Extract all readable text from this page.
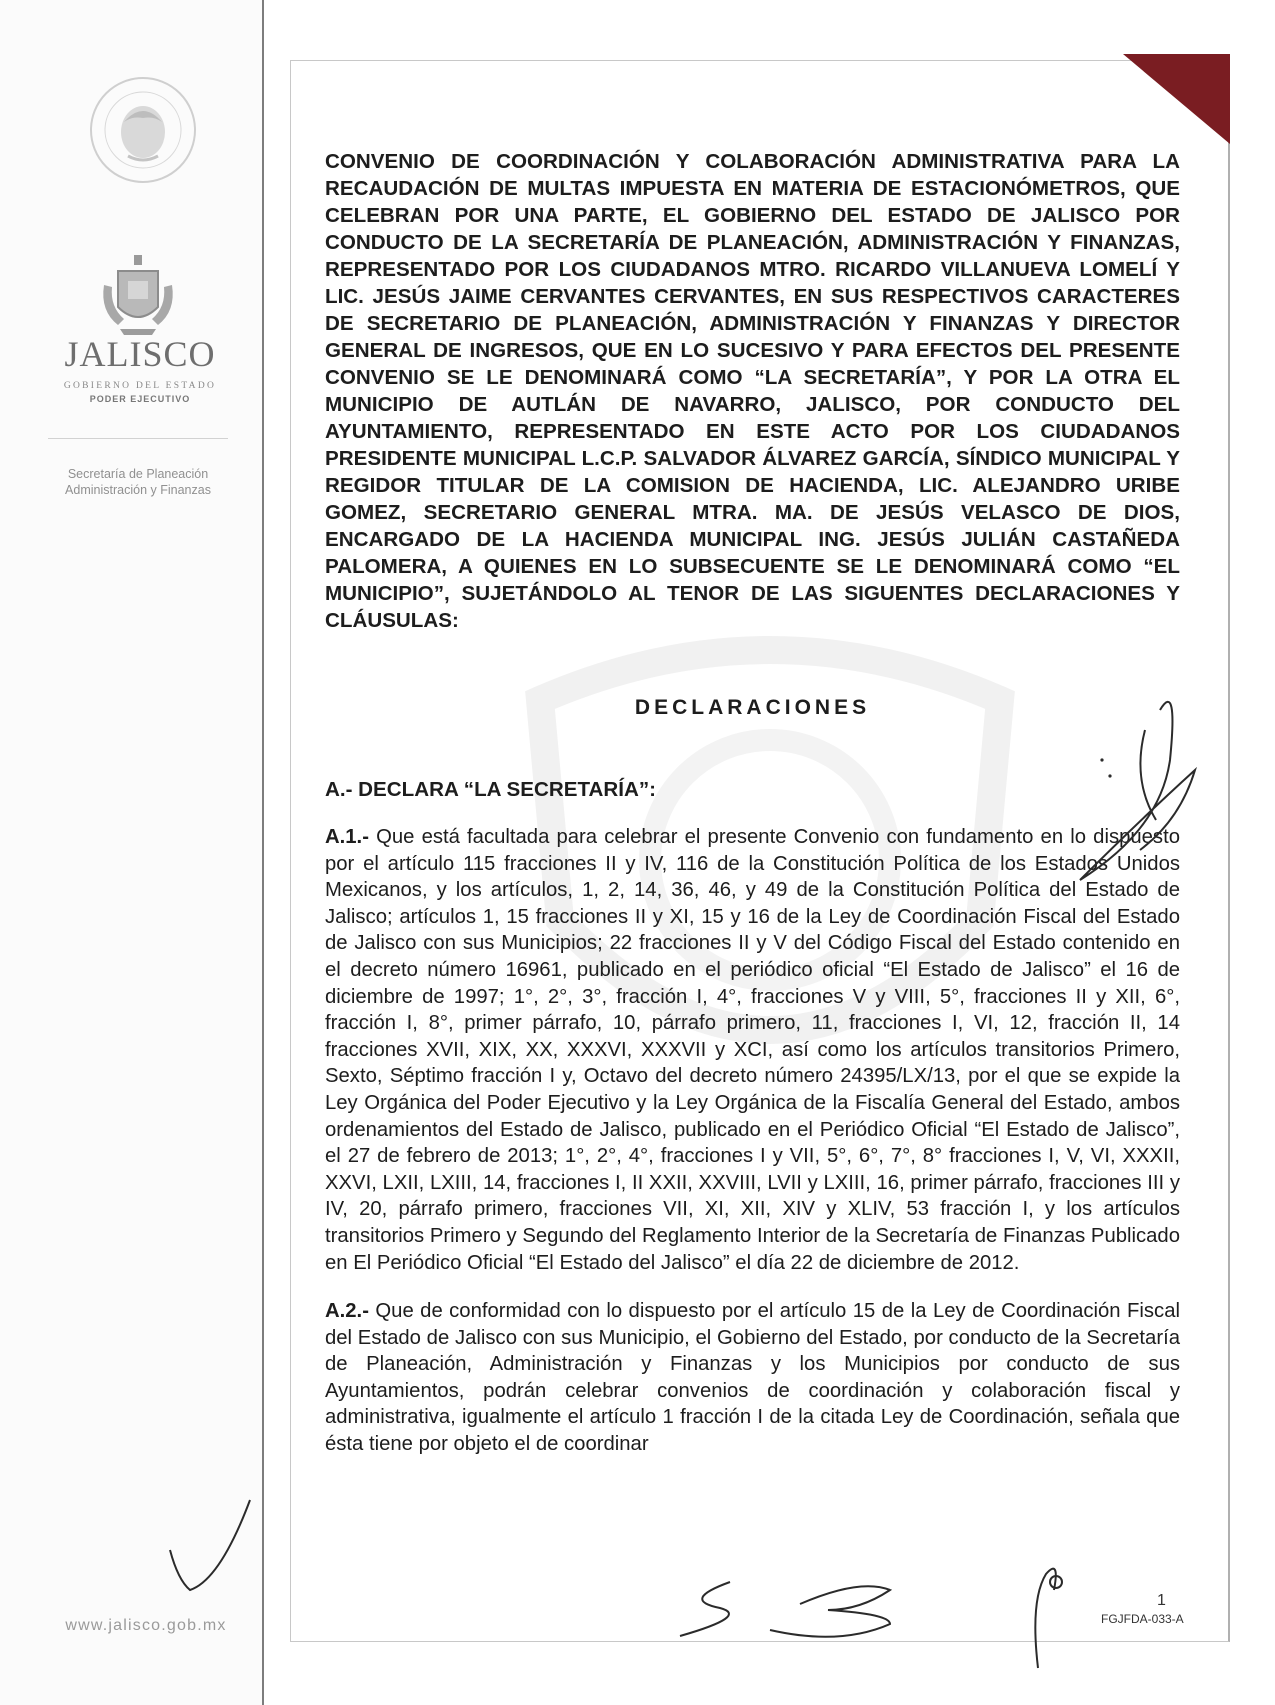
JALISCO
GOBIERNO DEL ESTADO
PODER EJECUTIVO
Secretaría de Planeación
Administración y Finanzas
www.jalisco.gob.mx

CONVENIO DE COORDINACIÓN Y COLABORACIÓN ADMINISTRATIVA PARA LA RECAUDACIÓN DE MULTAS IMPUESTA EN MATERIA DE ESTACIONÓMETROS, QUE CELEBRAN POR UNA PARTE, EL GOBIERNO DEL ESTADO DE JALISCO POR CONDUCTO DE LA SECRETARÍA DE PLANEACIÓN, ADMINISTRACIÓN Y FINANZAS, REPRESENTADO POR LOS CIUDADANOS MTRO. RICARDO VILLANUEVA LOMELÍ Y LIC. JESÚS JAIME CERVANTES CERVANTES, EN SUS RESPECTIVOS CARACTERES DE SECRETARIO DE PLANEACIÓN, ADMINISTRACIÓN Y FINANZAS Y DIRECTOR GENERAL DE INGRESOS, QUE EN LO SUCESIVO Y PARA EFECTOS DEL PRESENTE CONVENIO SE LE DENOMINARÁ COMO “LA SECRETARÍA”, Y POR LA OTRA EL MUNICIPIO DE AUTLÁN DE NAVARRO, JALISCO, POR CONDUCTO DEL AYUNTAMIENTO, REPRESENTADO EN ESTE ACTO POR LOS CIUDADANOS PRESIDENTE MUNICIPAL L.C.P. SALVADOR ÁLVAREZ GARCÍA, SÍNDICO MUNICIPAL Y REGIDOR TITULAR DE LA COMISION DE HACIENDA, LIC. ALEJANDRO URIBE GOMEZ, SECRETARIO GENERAL MTRA. MA. DE JESÚS VELASCO DE DIOS, ENCARGADO DE LA HACIENDA MUNICIPAL ING. JESÚS JULIÁN CASTAÑEDA PALOMERA, A QUIENES EN LO SUBSECUENTE SE LE DENOMINARÁ COMO “EL MUNICIPIO”, SUJETÁNDOLO AL TENOR DE LAS SIGUENTES DECLARACIONES Y CLÁUSULAS:

DECLARACIONES
A.- DECLARA “LA SECRETARÍA”:

A.1.- Que está facultada para celebrar el presente Convenio con fundamento en lo dispuesto por el artículo 115 fracciones II y IV, 116 de la Constitución Política de los Estados Unidos Mexicanos, y los artículos, 1, 2, 14, 36, 46, y 49 de la Constitución Política del Estado de Jalisco; artículos 1, 15 fracciones II y XI, 15 y 16 de la Ley de Coordinación Fiscal del Estado de Jalisco con sus Municipios; 22 fracciones II y V del Código Fiscal del Estado contenido en el decreto número 16961, publicado en el periódico oficial “El Estado de Jalisco” el 16 de diciembre de 1997; 1°, 2°, 3°, fracción I, 4°, fracciones V y VIII, 5°, fracciones II y XII, 6°, fracción I, 8°, primer párrafo, 10, párrafo primero, 11, fracciones I, VI, 12, fracción II, 14 fracciones XVII, XIX, XX, XXXVI, XXXVII y XCI, así como los artículos transitorios Primero, Sexto, Séptimo fracción I y, Octavo del decreto número 24395/LX/13, por el que se expide la Ley Orgánica del Poder Ejecutivo y la Ley Orgánica de la Fiscalía General del Estado, ambos ordenamientos del Estado de Jalisco, publicado en el Periódico Oficial “El Estado de Jalisco”, el 27 de febrero de 2013; 1°, 2°, 4°, fracciones I y VII, 5°, 6°, 7°, 8° fracciones I, V, VI, XXXII, XXVI, LXII, LXIII, 14, fracciones I, II XXII, XXVIII, LVII y LXIII, 16, primer párrafo, fracciones III y IV, 20, párrafo primero, fracciones VII, XI, XII, XIV y XLIV, 53 fracción I, y los artículos transitorios Primero y Segundo del Reglamento Interior de la Secretaría de Finanzas Publicado en El Periódico Oficial “El Estado del Jalisco” el día 22 de diciembre de 2012.

A.2.- Que de conformidad con lo dispuesto por el artículo 15 de la Ley de Coordinación Fiscal del Estado de Jalisco con sus Municipio, el Gobierno del Estado, por conducto de la Secretaría de Planeación, Administración y Finanzas y los Municipios por conducto de sus Ayuntamientos, podrán celebrar convenios de coordinación y colaboración fiscal y administrativa, igualmente el artículo 1 fracción I de la citada Ley de Coordinación, señala que ésta tiene por objeto el de coordinar

1
FGJFDA-033-A
